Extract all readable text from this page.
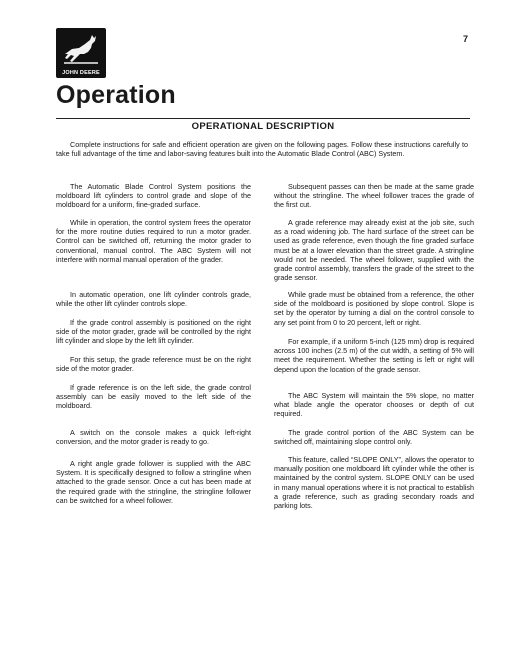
JOHN DEERE
7
Operation
OPERATIONAL DESCRIPTION

Complete instructions for safe and efficient operation are given on the following pages. Follow these instructions carefully to take full advantage of the time and labor-saving features built into the Automatic Blade Control (ABC) System.

The Automatic Blade Control System positions the moldboard lift cylinders to control grade and slope of the moldboard for a uniform, fine-graded surface.

While in operation, the control system frees the operator for the more routine duties required to run a motor grader. Control can be switched off, returning the motor grader to conventional, manual control. The ABC System will not interfere with normal manual operation of the grader.

In automatic operation, one lift cylinder controls grade, while the other lift cylinder controls slope.

If the grade control assembly is positioned on the right side of the motor grader, grade will be controlled by the right lift cylinder and slope by the left lift cylinder.

For this setup, the grade reference must be on the right side of the motor grader.

If grade reference is on the left side, the grade control assembly can be easily moved to the left side of the moldboard.

A switch on the console makes a quick left-right conversion, and the motor grader is ready to go.

A right angle grade follower is supplied with the ABC System. It is specifically designed to follow a stringline when attached to the grade sensor. Once a cut has been made at the required grade with the stringline, the stringline follower can be switched for a wheel follower.

Subsequent passes can then be made at the same grade without the stringline. The wheel follower traces the grade of the first cut.

A grade reference may already exist at the job site, such as a road widening job. The hard surface of the street can be used as grade reference, even though the fine graded surface must be at a lower elevation than the street grade. A stringline would not be needed. The wheel follower, supplied with the grade control assembly, transfers the grade of the street to the grade sensor.

While grade must be obtained from a reference, the other side of the moldboard is positioned by slope control. Slope is set by the operator by turning a dial on the control console to any set point from 0 to 20 percent, left or right.

For example, if a uniform 5-inch (125 mm) drop is required across 100 inches (2.5 m) of the cut width, a setting of 5% will meet the requirement. Whether the setting is left or right will depend upon the location of the grade sensor.

The ABC System will maintain the 5% slope, no matter what blade angle the operator chooses or depth of cut required.

The grade control portion of the ABC System can be switched off, maintaining slope control only.

This feature, called “SLOPE ONLY”, allows the operator to manually position one moldboard lift cylinder while the other is maintained by the control system. SLOPE ONLY can be used in many manual operations where it is not practical to establish a grade reference, such as grading secondary roads and parking lots.
